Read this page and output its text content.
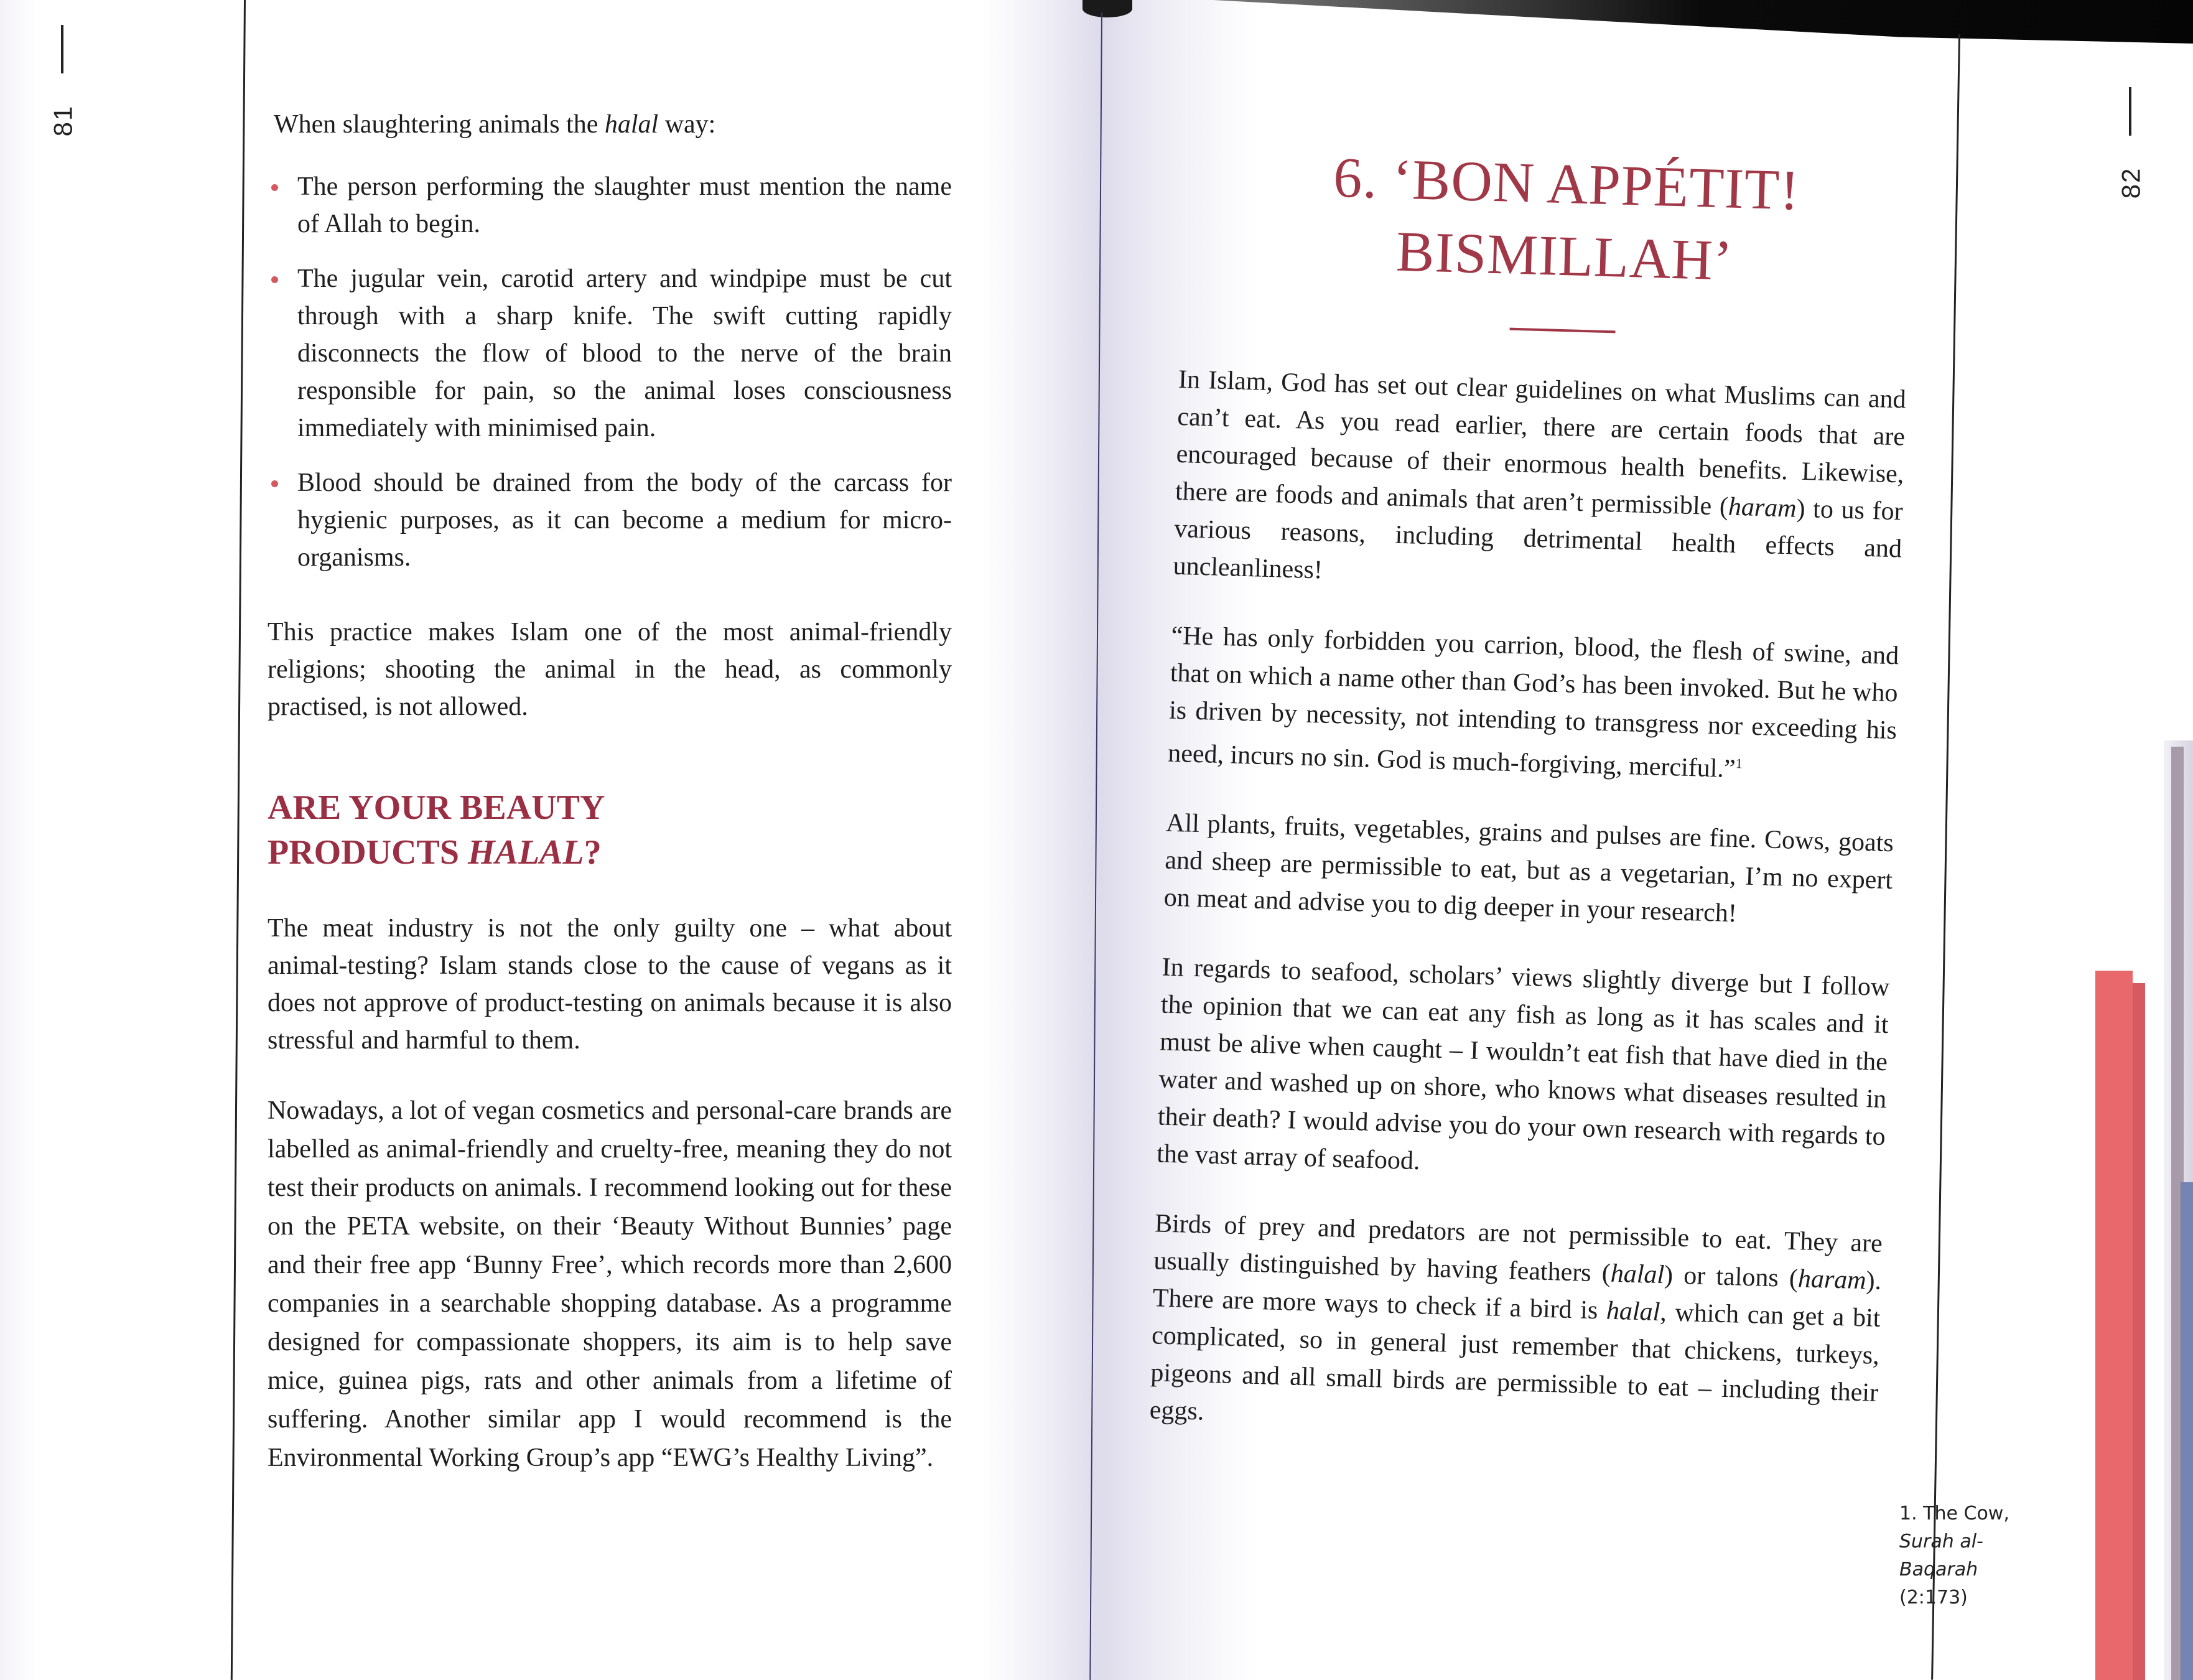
81
82

When slaughtering animals the halal way:

The person performing the slaughter must mention the name of Allah to begin.
The jugular vein, carotid artery and windpipe must be cut through with a sharp knife. The swift cutting rapidly disconnects the flow of blood to the nerve of the brain responsible for pain, so the animal loses consciousness immediately with minimised pain.
Blood should be drained from the body of the carcass for hygienic purposes, as it can become a medium for micro-organisms.

This practice makes Islam one of the most animal-friendly religions; shooting the animal in the head, as commonly practised, is not allowed.

ARE YOUR BEAUTY
PRODUCTS HALAL?

The meat industry is not the only guilty one – what about animal-testing? Islam stands close to the cause of vegans as it does not approve of product-testing on animals because it is also stressful and harmful to them.

Nowadays, a lot of vegan cosmetics and personal-care brands are labelled as animal-friendly and cruelty-free, meaning they do not test their products on animals. I recommend looking out for these on the PETA website, on their ‘Beauty Without Bunnies’ page and their free app ‘Bunny Free’, which records more than 2,600 companies in a searchable shopping database. As a programme designed for compassionate shoppers, its aim is to help save mice, guinea pigs, rats and other animals from a lifetime of suffering. Another similar app I would recommend is the Environmental Working Group’s app “EWG’s Healthy Living”.

6. ‘BON APPÉTIT!
BISMILLAH’

In Islam, God has set out clear guidelines on what Muslims can and can’t eat. As you read earlier, there are certain foods that are encouraged because of their enormous health benefits. Likewise, there are foods and animals that aren’t permissible (haram) to us for various reasons, including detrimental health effects and uncleanliness!

“He has only forbidden you carrion, blood, the flesh of swine, and that on which a name other than God’s has been invoked. But he who is driven by necessity, not intending to transgress nor exceeding his need, incurs no sin. God is much-forgiving, merciful.”$^1$

All plants, fruits, vegetables, grains and pulses are fine. Cows, goats and sheep are permissible to eat, but as a vegetarian, I’m no expert on meat and advise you to dig deeper in your research!

In regards to seafood, scholars’ views slightly diverge but I follow the opinion that we can eat any fish as long as it has scales and it must be alive when caught – I wouldn’t eat fish that have died in the water and washed up on shore, who knows what diseases resulted in their death? I would advise you do your own research with regards to the vast array of seafood.

Birds of prey and predators are not permissible to eat. They are usually distinguished by having feathers (halal) or talons (haram). There are more ways to check if a bird is halal, which can get a bit complicated, so in general just remember that chickens, turkeys, pigeons and all small birds are permissible to eat – including their eggs.

1. The Cow,
Surah al-Baqarah
(2:173)
